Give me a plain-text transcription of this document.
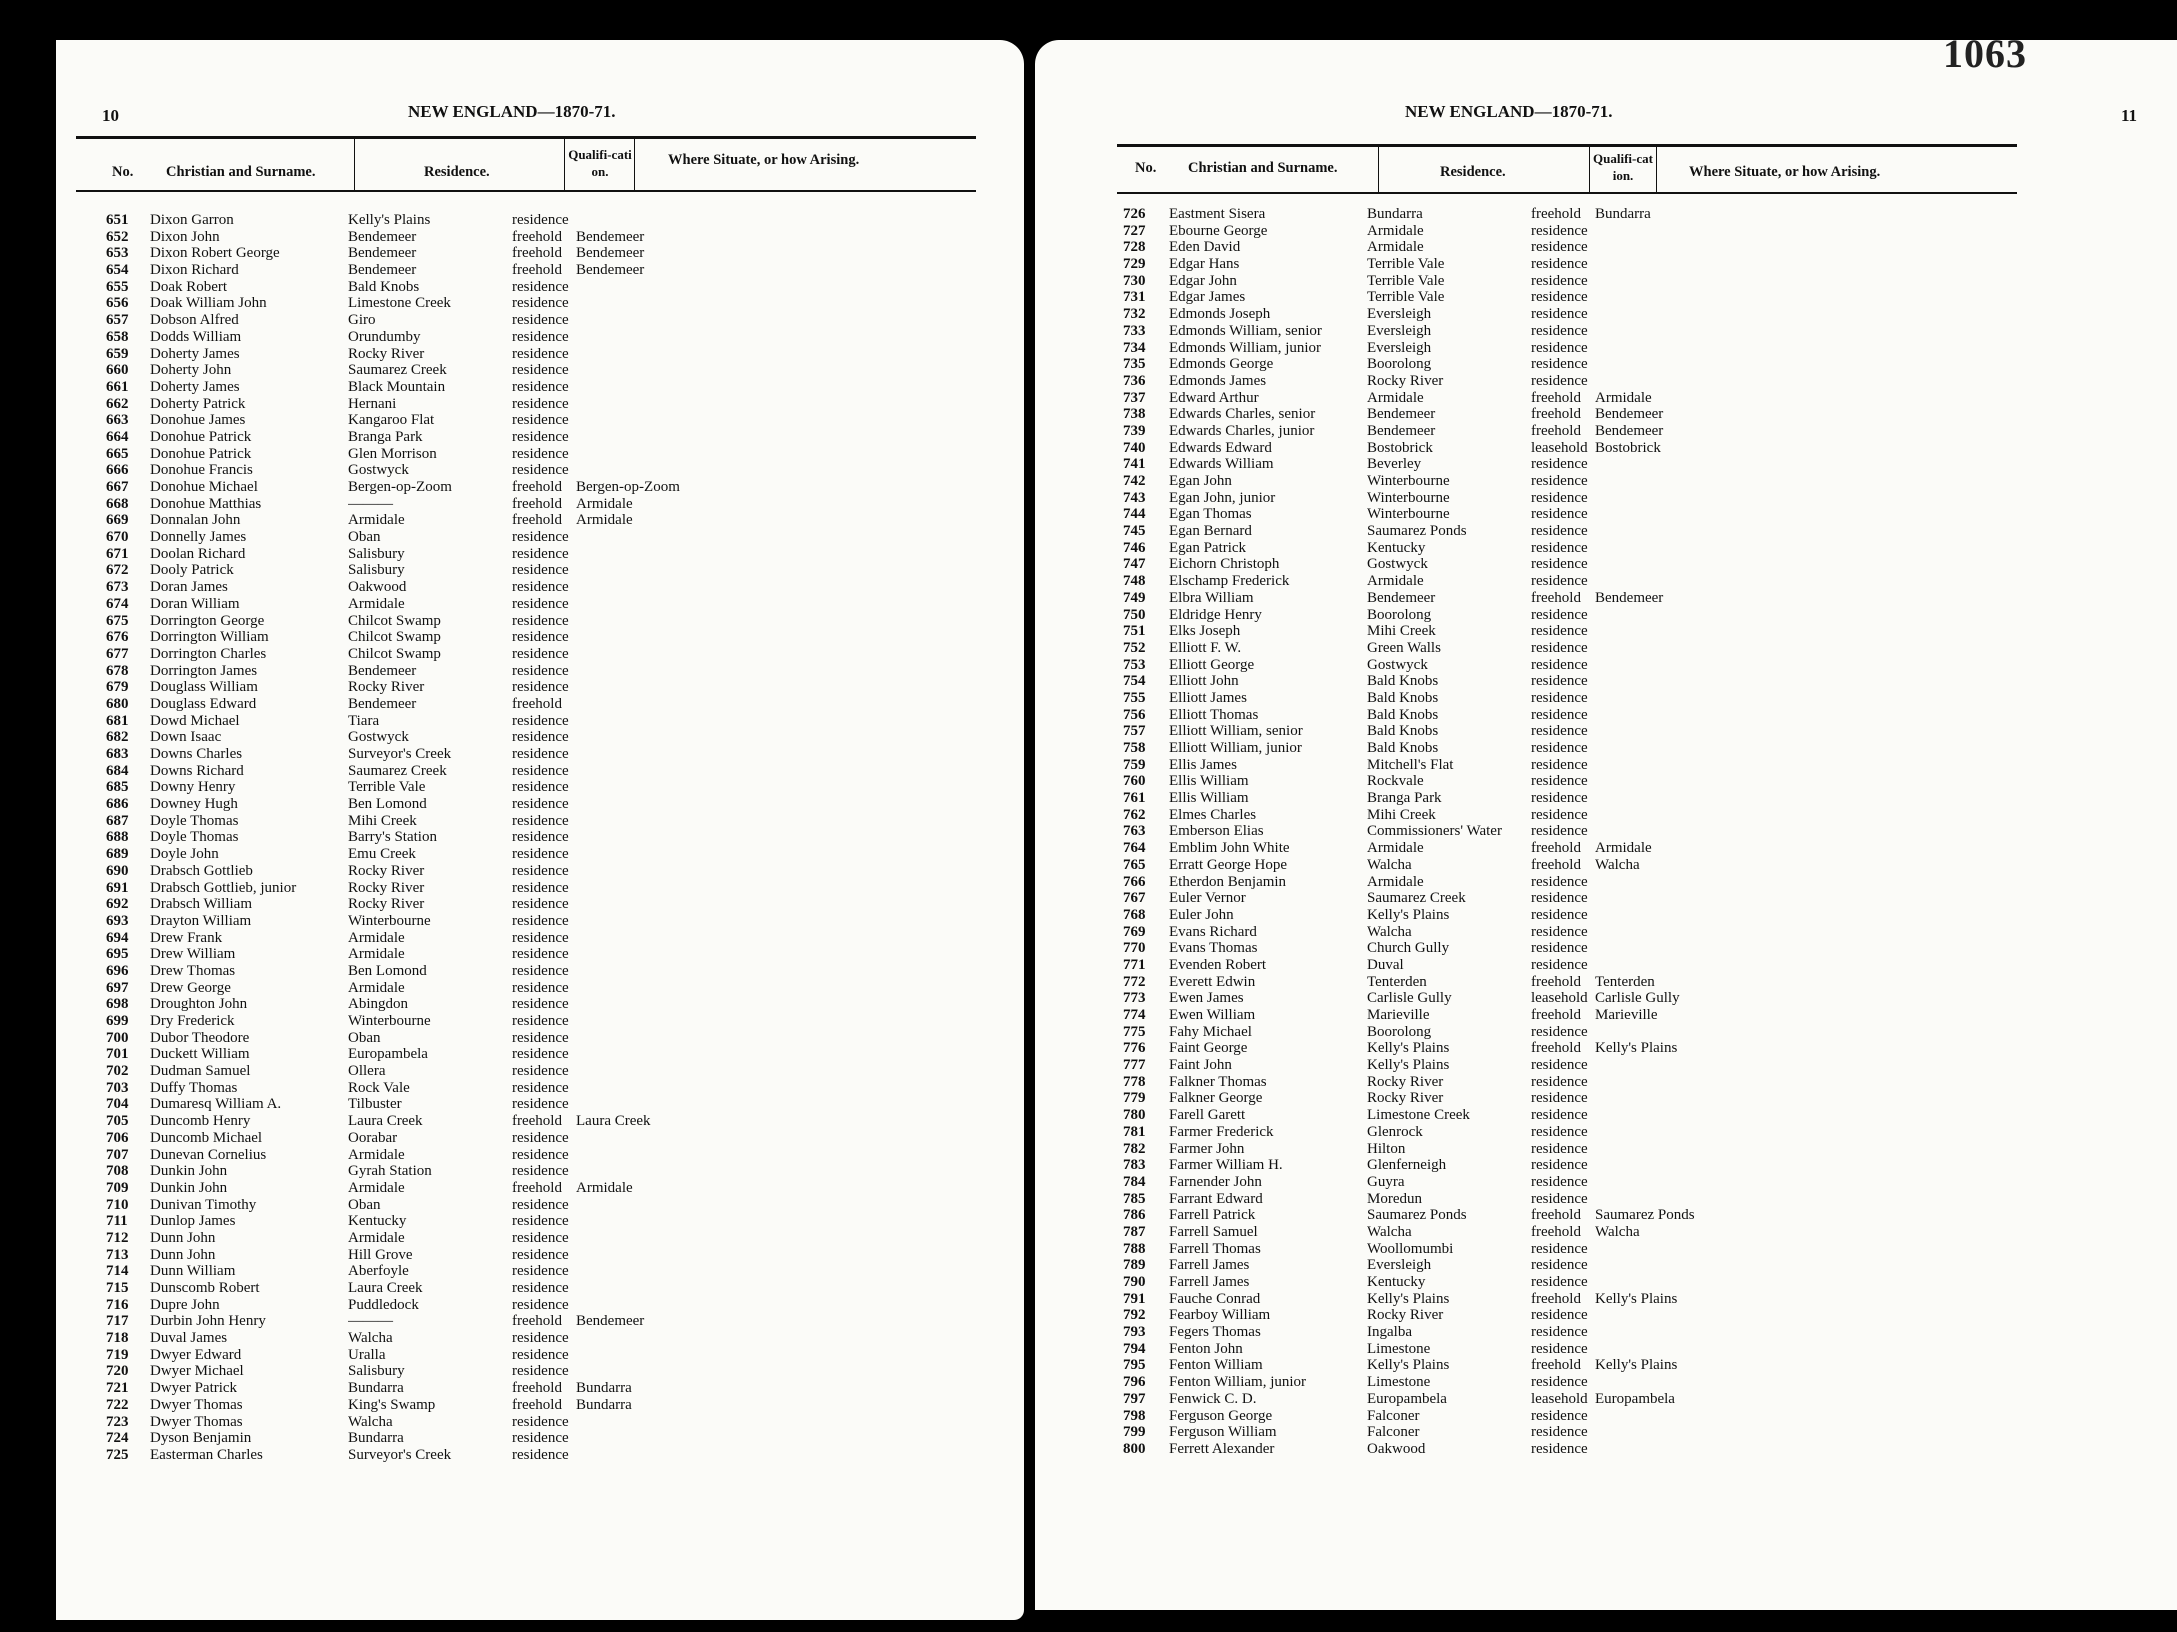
10	NEW ENGLAND—1870-71.
No. Christian and Surname.	Residence.
Qualifi-cation.
Where Situate, or how Arising.
651	Dixon Garron	Kelly's Plains	residence
652	Dixon John	Bendemeer	freehold Bendemeer
653	Dixon Robert George	Bendemeer	freehold Bendemeer
654	Dixon Richard	Bendemeer	freehold Bendemeer
655	Doak Robert	Bald Knobs	residence
656	Doak William John	Limestone Creek	residence
657	Dobson Alfred	Giro	residence
658	Dodds William	Orundumby	residence
659	Doherty James	Rocky River	residence
660	Doherty John	Saumarez Creek	residence
661	Doherty James	Black Mountain	residence
662	Doherty Patrick	Hernani	residence
663	Donohue James	Kangaroo Flat	residence
664	Donohue Patrick	Branga Park	residence
665	Donohue Patrick	Glen Morrison	residence
666	Donohue Francis	Gostwyck	residence
667	Donohue Michael	Bergen-op-Zoom	freehold Bergen-op-Zoom
668	Donohue Matthias	———	freehold Armidale
669	Donnalan John	Armidale	freehold Armidale
670	Donnelly James	Oban	residence
671	Doolan Richard	Salisbury	residence
672	Dooly Patrick	Salisbury	residence
673	Doran James	Oakwood	residence
674	Doran William	Armidale	residence
675	Dorrington George	Chilcot Swamp	residence
676	Dorrington William	Chilcot Swamp	residence
677	Dorrington Charles	Chilcot Swamp	residence
678	Dorrington James	Bendemeer	residence
679	Douglass William	Rocky River	residence
680	Douglass Edward	Bendemeer	freehold
681	Dowd Michael	Tiara	residence
682	Down Isaac	Gostwyck	residence
683	Downs Charles	Surveyor's Creek	residence
684	Downs Richard	Saumarez Creek	residence
685	Downy Henry	Terrible Vale	residence
686	Downey Hugh	Ben Lomond	residence
687	Doyle Thomas	Mihi Creek	residence
688	Doyle Thomas	Barry's Station	residence
689	Doyle John	Emu Creek	residence
690	Drabsch Gottlieb	Rocky River	residence
691	Drabsch Gottlieb, junior	Rocky River	residence
692	Drabsch William	Rocky River	residence
693	Drayton William	Winterbourne	residence
694	Drew Frank	Armidale	residence
695	Drew William	Armidale	residence
696	Drew Thomas	Ben Lomond	residence
697	Drew George	Armidale	residence
698	Droughton John	Abingdon	residence
699	Dry Frederick	Winterbourne	residence
700	Dubor Theodore	Oban	residence
701	Duckett William	Europambela	residence
702	Dudman Samuel	Ollera	residence
703	Duffy Thomas	Rock Vale	residence
704	Dumaresq William A.	Tilbuster	residence
705	Duncomb Henry	Laura Creek	freehold Laura Creek
706	Duncomb Michael	Oorabar	residence
707	Dunevan Cornelius	Armidale	residence
708	Dunkin John	Gyrah Station	residence
709	Dunkin John	Armidale	freehold Armidale
710	Dunivan Timothy	Oban	residence
711	Dunlop James	Kentucky	residence
712	Dunn John	Armidale	residence
713	Dunn John	Hill Grove	residence
714	Dunn William	Aberfoyle	residence
715	Dunscomb Robert	Laura Creek	residence
716	Dupre John	Puddledock	residence
717	Durbin John Henry	———	freehold Bendemeer
718	Duval James	Walcha	residence
719	Dwyer Edward	Uralla	residence
720	Dwyer Michael	Salisbury	residence
721	Dwyer Patrick	Bundarra	freehold Bundarra
722	Dwyer Thomas	King's Swamp	freehold Bundarra
723	Dwyer Thomas	Walcha	residence
724	Dyson Benjamin	Bundarra	residence
725	Easterman Charles	Surveyor's Creek	residence
NEW ENGLAND—1870-71.	11
No. Christian and Surname.	Residence.
Qualifi-cation.	Where Situate, or how Arising.
726	Eastment Sisera	Bundarra	freehold Bundarra
727	Ebourne George	Armidale	residence
728	Eden David	Armidale	residence
729	Edgar Hans	Terrible Vale	residence
730	Edgar John	Terrible Vale	residence
731	Edgar James	Terrible Vale	residence
732	Edmonds Joseph	Eversleigh	residence
733	Edmonds William, senior	Eversleigh	residence
734	Edmonds William, junior	Eversleigh	residence
735	Edmonds George	Boorolong	residence
736	Edmonds James	Rocky River	residence
737	Edward Arthur	Armidale	freehold Armidale
738	Edwards Charles, senior	Bendemeer	freehold Bendemeer
739	Edwards Charles, junior	Bendemeer	freehold Bendemeer
740	Edwards Edward	Bostobrick	leasehold Bostobrick
741	Edwards William	Beverley	residence
742	Egan John	Winterbourne	residence
743	Egan John, junior	Winterbourne	residence
744	Egan Thomas	Winterbourne	residence
745	Egan Bernard	Saumarez Ponds	residence
746	Egan Patrick	Kentucky	residence
747	Eichorn Christoph	Gostwyck	residence
748	Elschamp Frederick	Armidale	residence
749	Elbra William	Bendemeer	freehold Bendemeer
750	Eldridge Henry	Boorolong	residence
751	Elks Joseph	Mihi Creek	residence
752	Elliott F. W.	Green Walls	residence
753	Elliott George	Gostwyck	residence
754	Elliott John	Bald Knobs	residence
755	Elliott James	Bald Knobs	residence
756	Elliott Thomas	Bald Knobs	residence
757	Elliott William, senior	Bald Knobs	residence
758	Elliott William, junior	Bald Knobs	residence
759	Ellis James	Mitchell's Flat	residence
760	Ellis William	Rockvale	residence
761	Ellis William	Branga Park	residence
762	Elmes Charles	Mihi Creek	residence
763	Emberson Elias	Commissioners' Water	residence
764	Emblim John White	Armidale	freehold Armidale
765	Erratt George Hope	Walcha	freehold Walcha
766	Etherdon Benjamin	Armidale	residence
767	Euler Vernor	Saumarez Creek	residence
768	Euler John	Kelly's Plains	residence
769	Evans Richard	Walcha	residence
770	Evans Thomas	Church Gully	residence
771	Evenden Robert	Duval	residence
772	Everett Edwin	Tenterden	freehold Tenterden
773	Ewen James	Carlisle Gully	leasehold Carlisle Gully
774	Ewen William	Marieville	freehold Marieville
775	Fahy Michael	Boorolong	residence
776	Faint George	Kelly's Plains	freehold Kelly's Plains
777	Faint John	Kelly's Plains	residence
778	Falkner Thomas	Rocky River	residence
779	Falkner George	Rocky River	residence
780	Farell Garett	Limestone Creek	residence
781	Farmer Frederick	Glenrock	residence
782	Farmer John	Hilton	residence
783	Farmer William H.	Glenferneigh	residence
784	Farnender John	Guyra	residence
785	Farrant Edward	Moredun	residence
786	Farrell Patrick	Saumarez Ponds	freehold Saumarez Ponds
787	Farrell Samuel	Walcha	freehold Walcha
788	Farrell Thomas	Woollomumbi	residence
789	Farrell James	Eversleigh	residence
790	Farrell James	Kentucky	residence
791	Fauche Conrad	Kelly's Plains	freehold Kelly's Plains
792	Fearboy William	Rocky River	residence
793	Fegers Thomas	Ingalba	residence
794	Fenton John	Limestone	residence
795	Fenton William	Kelly's Plains	freehold Kelly's Plains
796	Fenton William, junior	Limestone	residence
797	Fenwick C. D.	Europambela	leasehold Europambela
798	Ferguson George	Falconer	residence
799	Ferguson William	Falconer	residence
800	Ferrett Alexander	Oakwood	residence
1063
